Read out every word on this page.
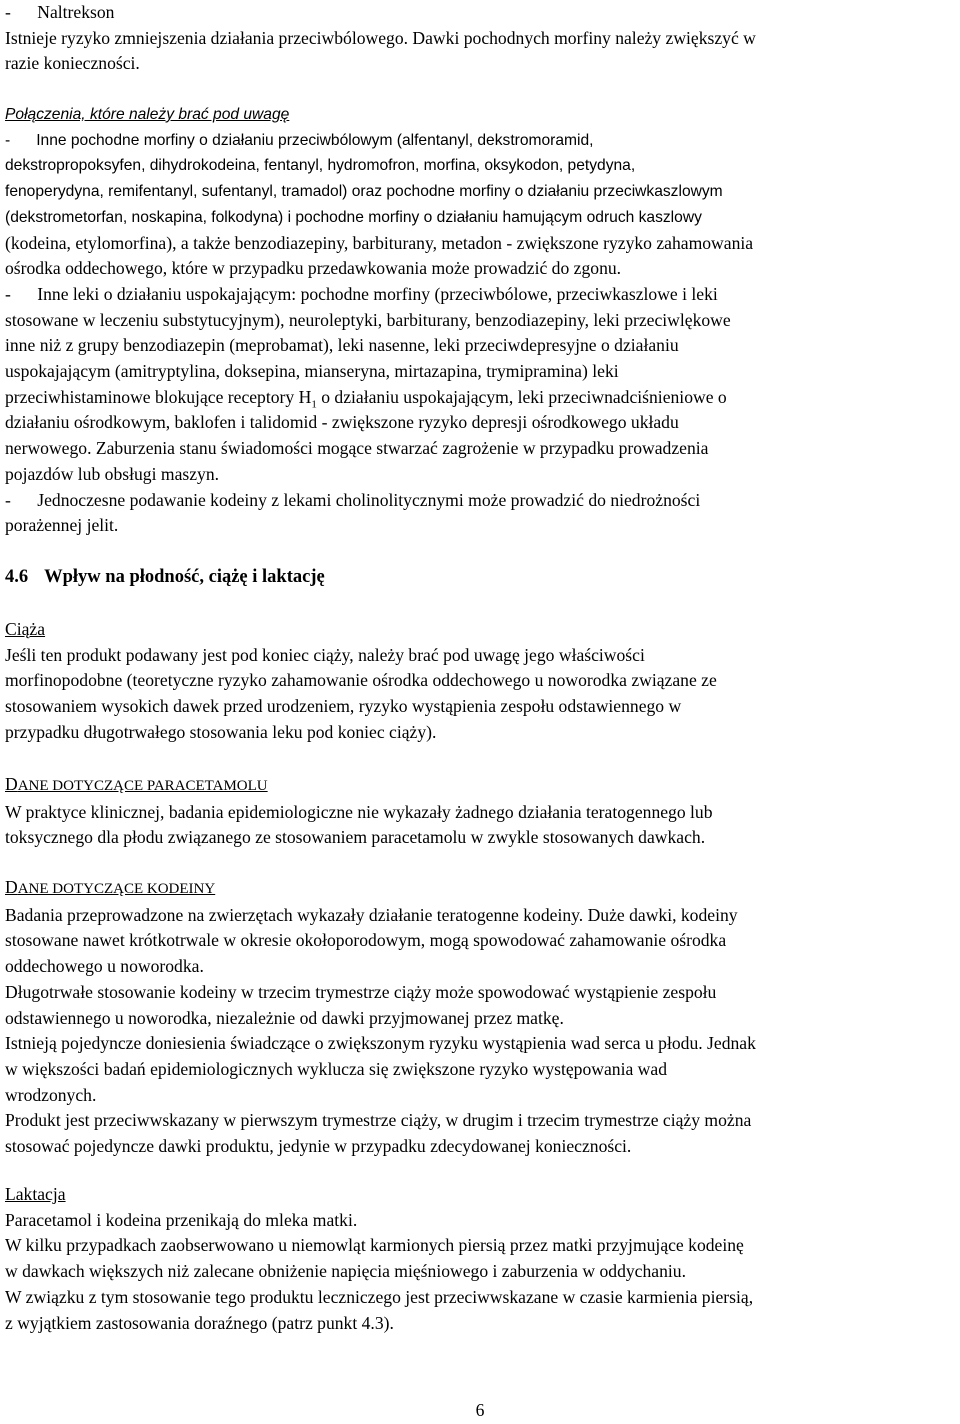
-      Naltrekson

Istnieje ryzyko zmniejszenia działania przeciwbólowego. Dawki pochodnych morfiny należy zwiększyć w

razie konieczności.

Połączenia, które należy brać pod uwagę

-      Inne pochodne morfiny o działaniu przeciwbólowym (alfentanyl, dekstromoramid,

dekstropropoksyfen, dihydrokodeina, fentanyl, hydromofron, morfina, oksykodon, petydyna,

fenoperydyna, remifentanyl, sufentanyl, tramadol) oraz pochodne morfiny o działaniu przeciwkaszlowym

(dekstrometorfan, noskapina, folkodyna) i pochodne morfiny o działaniu hamującym odruch kaszlowy

(kodeina, etylomorfina), a także benzodiazepiny, barbiturany, metadon - zwiększone ryzyko zahamowania

ośrodka oddechowego, które w przypadku przedawkowania może prowadzić do zgonu.

-      Inne leki o działaniu uspokajającym: pochodne morfiny (przeciwbólowe, przeciwkaszlowe i leki

stosowane w leczeniu substytucyjnym), neuroleptyki, barbiturany, benzodiazepiny, leki przeciwlękowe

inne niż z grupy benzodiazepin (meprobamat), leki nasenne, leki przeciwdepresyjne o działaniu

uspokajającym (amitryptylina, doksepina, mianseryna, mirtazapina, trymipramina) leki

przeciwhistaminowe blokujące receptory $H_1$ o działaniu uspokajającym, leki przeciwnadciśnieniowe o

działaniu ośrodkowym, baklofen i talidomid - zwiększone ryzyko depresji ośrodkowego układu

nerwowego. Zaburzenia stanu świadomości mogące stwarzać zagrożenie w przypadku prowadzenia

pojazdów lub obsługi maszyn.

-      Jednoczesne podawanie kodeiny z lekami cholinolitycznymi może prowadzić do niedrożności

porażennej jelit.

4.6 Wpływ na płodność, ciążę i laktację

Ciąża

Jeśli ten produkt podawany jest pod koniec ciąży, należy brać pod uwagę jego właściwości

morfinopodobne (teoretyczne ryzyko zahamowanie ośrodka oddechowego u noworodka związane ze

stosowaniem wysokich dawek przed urodzeniem, ryzyko wystąpienia zespołu odstawiennego w

przypadku długotrwałego stosowania leku pod koniec ciąży).

DANE DOTYCZĄCE PARACETAMOLU

W praktyce klinicznej, badania epidemiologiczne nie wykazały żadnego działania teratogennego lub

toksycznego dla płodu związanego ze stosowaniem paracetamolu w zwykle stosowanych dawkach.

DANE DOTYCZĄCE KODEINY

Badania przeprowadzone na zwierzętach wykazały działanie teratogenne kodeiny. Duże dawki, kodeiny

stosowane nawet krótkotrwale w okresie okołoporodowym, mogą spowodować zahamowanie ośrodka

oddechowego u noworodka.

Długotrwałe stosowanie kodeiny w trzecim trymestrze ciąży może spowodować wystąpienie zespołu

odstawiennego u noworodka, niezależnie od dawki przyjmowanej przez matkę.

Istnieją pojedyncze doniesienia świadczące o zwiększonym ryzyku wystąpienia wad serca u płodu. Jednak

w większości badań epidemiologicznych wyklucza się zwiększone ryzyko występowania wad

wrodzonych.

Produkt jest przeciwwskazany w pierwszym trymestrze ciąży, w drugim i trzecim trymestrze ciąży można

stosować pojedyncze dawki produktu, jedynie w przypadku zdecydowanej konieczności.

Laktacja

Paracetamol i kodeina przenikają do mleka matki.

W kilku przypadkach zaobserwowano u niemowląt karmionych piersią przez matki przyjmujące kodeinę

w dawkach większych niż zalecane obniżenie napięcia mięśniowego i zaburzenia w oddychaniu.

W związku z tym stosowanie tego produktu leczniczego jest przeciwwskazane w czasie karmienia piersią,

z wyjątkiem zastosowania doraźnego (patrz punkt 4.3).

6
